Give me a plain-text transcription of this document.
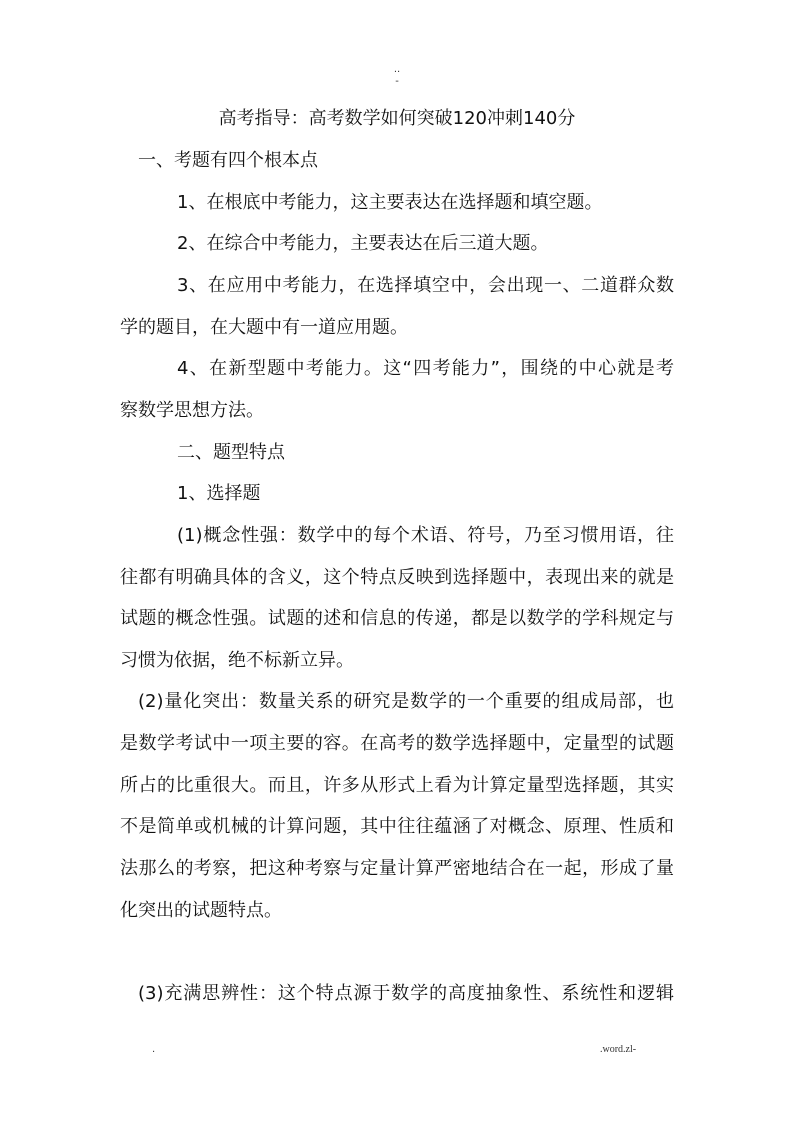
..
-
高考指导：高考数学如何突破120冲刺140分
一、考题有四个根本点
1、在根底中考能力，这主要表达在选择题和填空题。
2、在综合中考能力，主要表达在后三道大题。
3、在应用中考能力，在选择填空中，会出现一、二道群众数
学的题目，在大题中有一道应用题。
4、在新型题中考能力。这“四考能力”，围绕的中心就是考
察数学思想方法。
二、题型特点
1、选择题
(1)概念性强：数学中的每个术语、符号，乃至习惯用语，往
往都有明确具体的含义，这个特点反映到选择题中，表现出来的就是
试题的概念性强。试题的述和信息的传递，都是以数学的学科规定与
习惯为依据，绝不标新立异。
(2)量化突出：数量关系的研究是数学的一个重要的组成局部，也
是数学考试中一项主要的容。在高考的数学选择题中，定量型的试题
所占的比重很大。而且，许多从形式上看为计算定量型选择题，其实
不是简单或机械的计算问题，其中往往蕴涵了对概念、原理、性质和
法那么的考察，把这种考察与定量计算严密地结合在一起，形成了量
化突出的试题特点。
(3)充满思辨性：这个特点源于数学的高度抽象性、系统性和逻辑
.	.word.zl-
